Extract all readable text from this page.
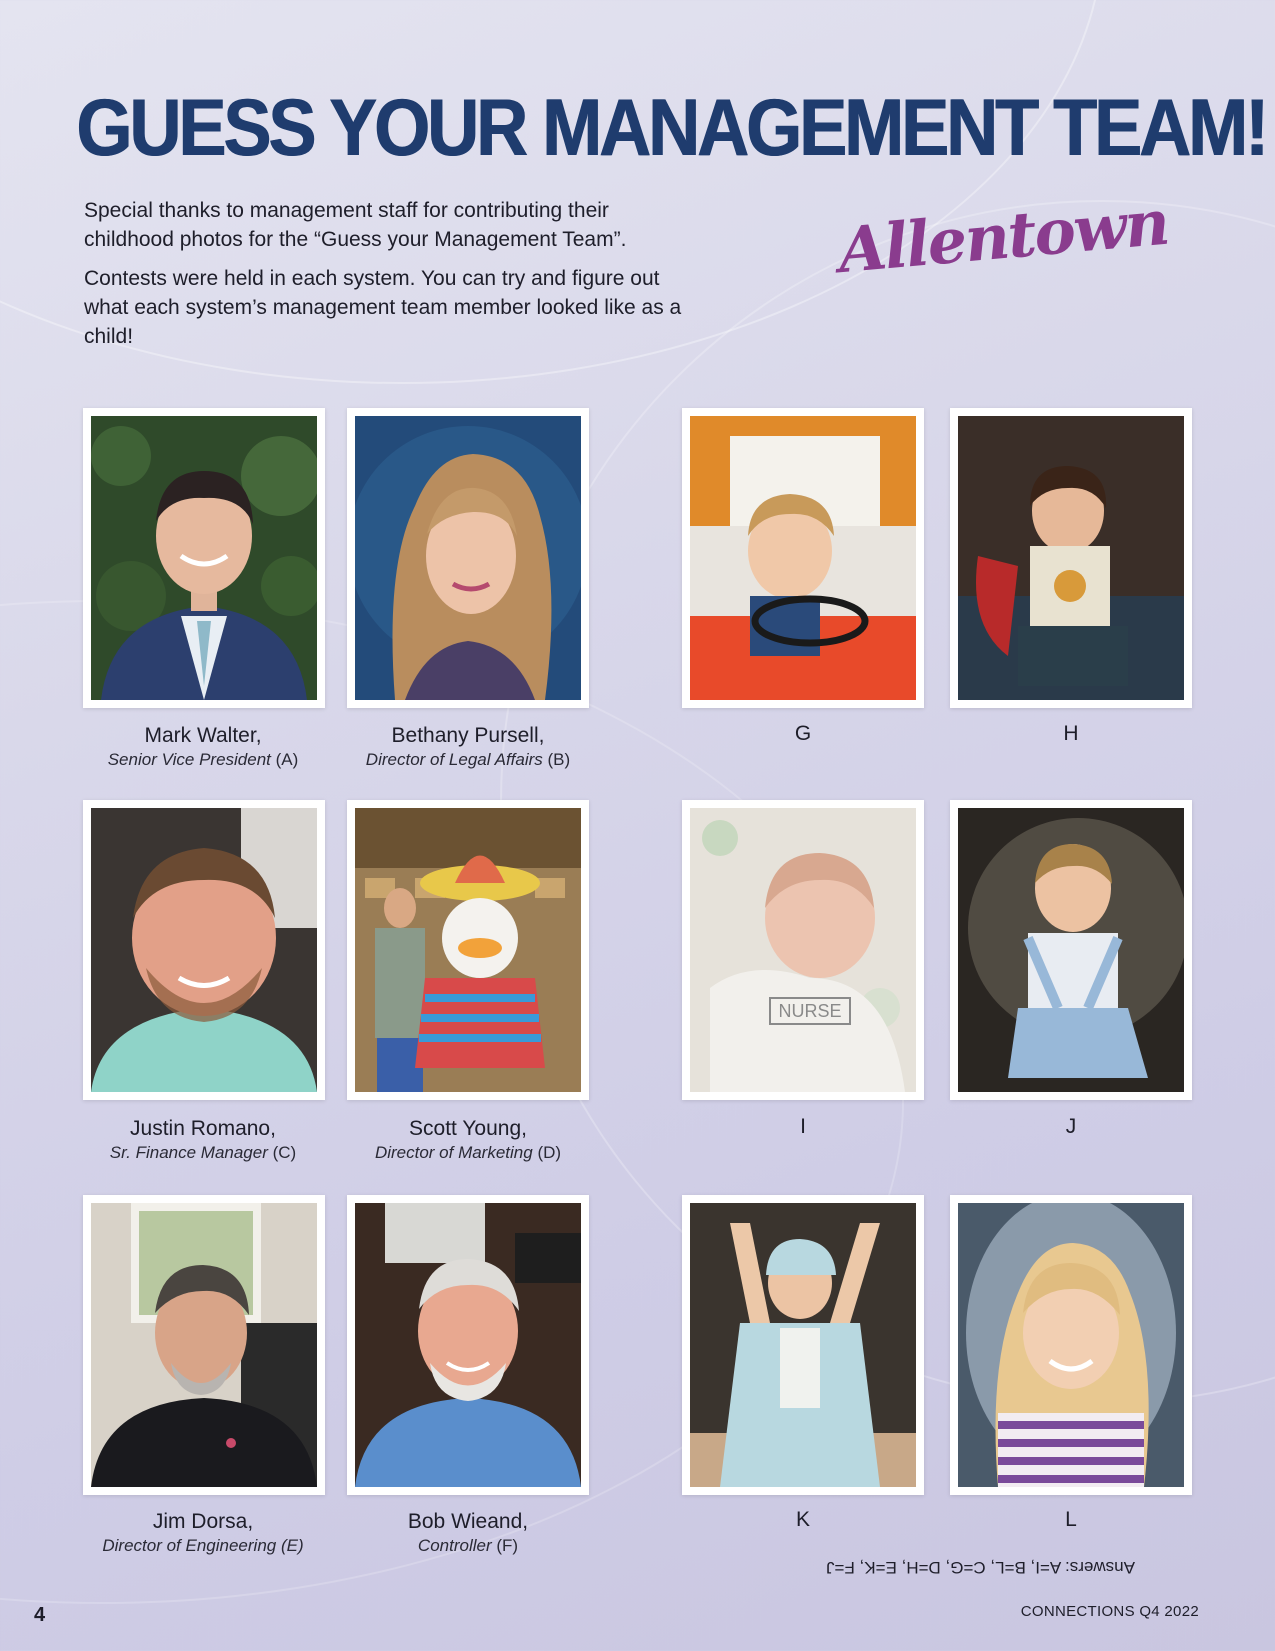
GUESS YOUR MANAGEMENT TEAM!

Special thanks to management staff for contributing their childhood photos for the “Guess your Management Team”.

Contests were held in each system. You can try and figure out what each system’s management team member looked like as a child!

Allentown
Mark Walter,
Senior Vice President (A)
Bethany Pursell,
Director of Legal Affairs (B)
Justin Romano,
Sr. Finance Manager (C)
Scott Young,
Director of Marketing (D)
Jim Dorsa,
Director of Engineering (E)
Bob Wieand,
Controller (F)
G	H
NURSE
I	J
K	L
Answers: A=I, B=L, C=G, D=H, E=K, F=J
4	CONNECTIONS Q4 2022
